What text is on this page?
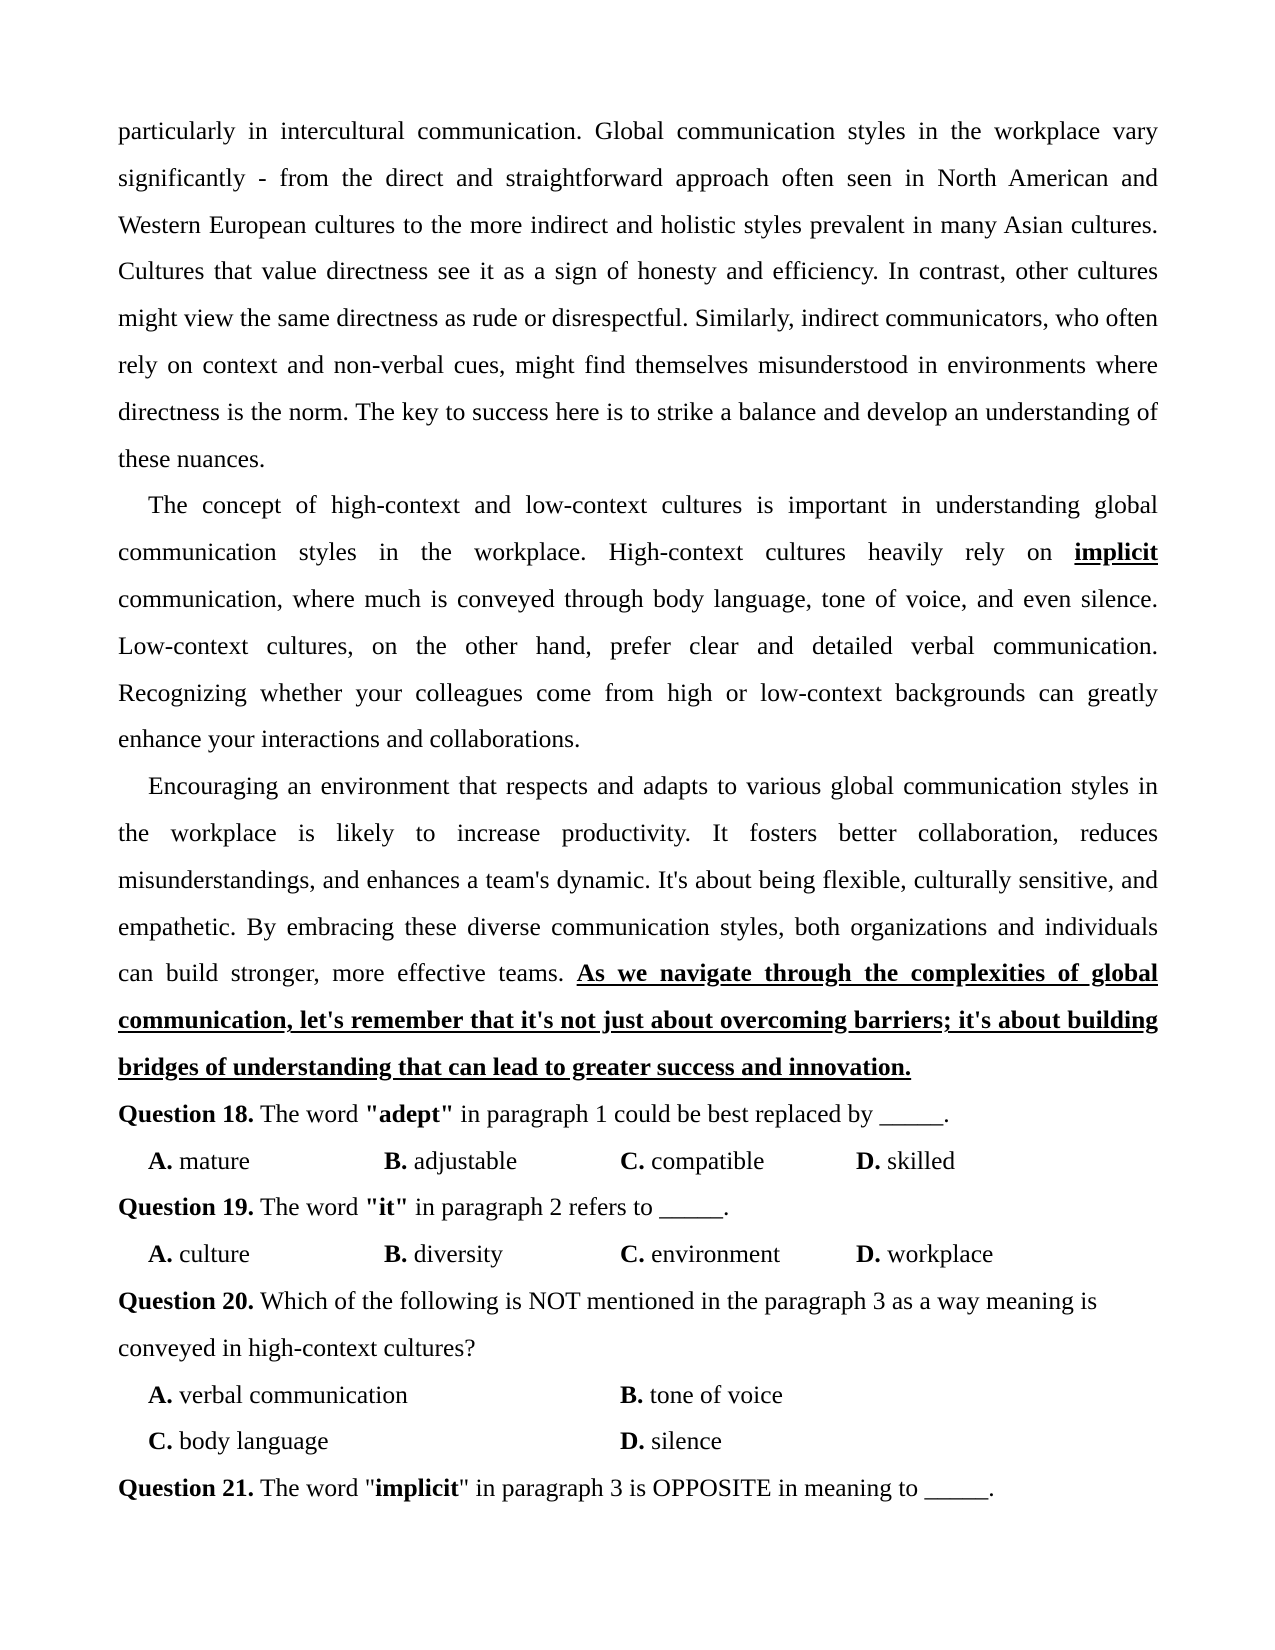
particularly in intercultural communication. Global communication styles in the workplace vary significantly - from the direct and straightforward approach often seen in North American and Western European cultures to the more indirect and holistic styles prevalent in many Asian cultures. Cultures that value directness see it as a sign of honesty and efficiency. In contrast, other cultures might view the same directness as rude or disrespectful. Similarly, indirect communicators, who often rely on context and non-verbal cues, might find themselves misunderstood in environments where directness is the norm. The key to success here is to strike a balance and develop an understanding of these nuances.

The concept of high-context and low-context cultures is important in understanding global communication styles in the workplace. High-context cultures heavily rely on implicit communication, where much is conveyed through body language, tone of voice, and even silence. Low-context cultures, on the other hand, prefer clear and detailed verbal communication. Recognizing whether your colleagues come from high or low-context backgrounds can greatly enhance your interactions and collaborations.

Encouraging an environment that respects and adapts to various global communication styles in the workplace is likely to increase productivity. It fosters better collaboration, reduces misunderstandings, and enhances a team's dynamic. It's about being flexible, culturally sensitive, and empathetic. By embracing these diverse communication styles, both organizations and individuals can build stronger, more effective teams. As we navigate through the complexities of global communication, let's remember that it's not just about overcoming barriers; it's about building bridges of understanding that can lead to greater success and innovation.

Question 18. The word "adept" in paragraph 1 could be best replaced by _____.

A. mature	B. adjustable	C. compatible	D. skilled

Question 19. The word "it" in paragraph 2 refers to _____.

A. culture	B. diversity	C. environment	D. workplace

Question 20. Which of the following is NOT mentioned in the paragraph 3 as a way meaning is conveyed in high-context cultures?

A. verbal communication	B. tone of voice
C. body language	D. silence

Question 21. The word "implicit" in paragraph 3 is OPPOSITE in meaning to _____.
